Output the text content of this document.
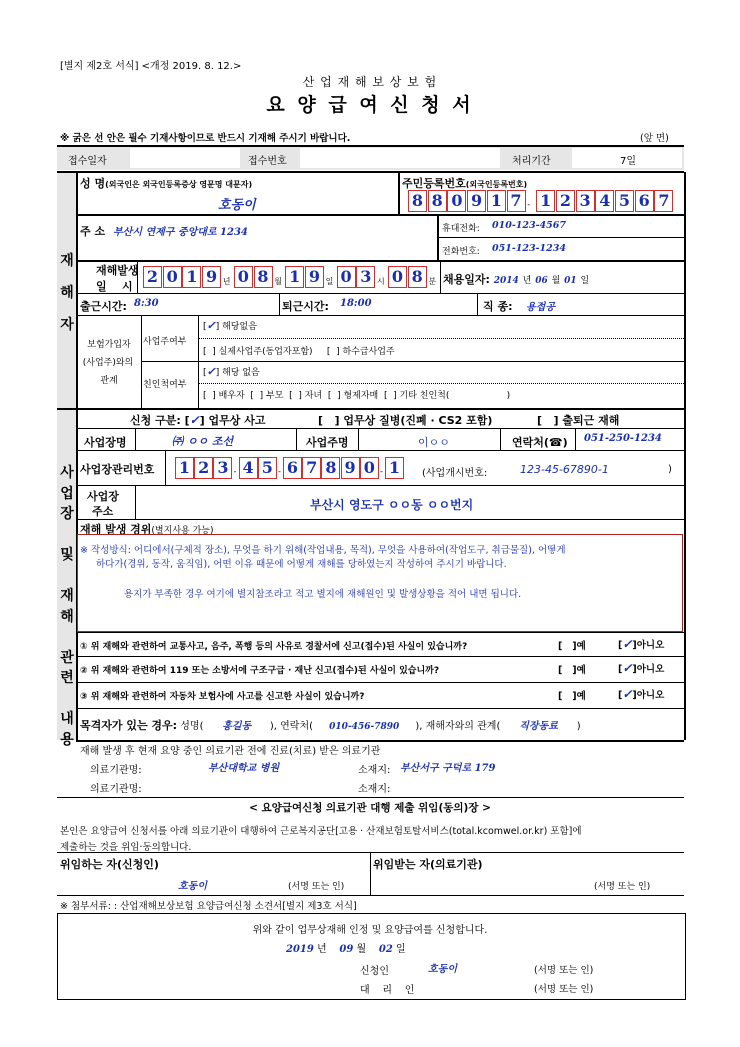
[별지 제2호 서식] <개정 2019. 8. 12.>
산 업 재 해 보 상 보 험
요 양 급 여 신 청 서
※ 굵은 선 안은 필수 기재사항이므로 반드시 기재해 주시기 바랍니다.	(앞 면)
접수일자	접수번호	처리기간	7일
재
해
자
성 명(외국인은 외국인등록증상 영문명 대문자)
호동이
주민등록번호(외국인등록번호)
8 8 0 9 1 7 - 1 2 3 4 5 6 7
주 소 부산시 연제구 중앙대로 1234	휴대전화: 010-123-4567
전화번호: 051-123-1234
재해발생
일    시
2 0 1 9 년 0 8 월 1 9 일 0 3 시 0 8 분 채용일자: 2014 년 06 월 01 일
출근시간: 8:30	퇴근시간: 18:00	직 종: 용접공
보험가입자
(사업주)와의
관계
사업주여부
친인척여부
[✓] 해당없음
[  ] 실제사업주(동업자포함)     [  ] 하수급사업주
[✓] 해당 없음
[  ] 배우자  [  ] 부모  [  ] 자녀  [  ] 형제자매  [  ] 기타 친인척(                    )
사
업
장
및
재
해
관
련
내
용
신청 구분: [✓] 업무상 사고	[   ] 업무상 질병(진폐 · CS2 포함)	[   ] 출퇴근 재해
사업장명	㈜ ㅇㅇ 조선	사업주명	이ㅇㅇ	연락처(☎) 051-250-1234
사업장관리번호 1 2 3 - 4 5 - 6 7 8 9 0 - 1	(사업개시번호:	123-45-67890-1	)
사업장
주소	부산시 영도구 ㅇㅇ동 ㅇㅇ번지
재해 발생 경위(별지사용 가능)
※ 작성방식: 어디에서(구체적 장소), 무엇을 하기 위해(작업내용, 목적), 무엇을 사용하여(작업도구, 취급물질), 어떻게
하다가(경위, 동작, 움직임), 어떤 이유 때문에 어떻게 재해를 당하였는지 작성하여 주시기 바랍니다.
용지가 부족한 경우 여기에 별지참조라고 적고 별지에 재해원인 및 발생상황을 적어 내면 됩니다.
① 위 재해와 관련하여 교통사고, 음주, 폭행 등의 사유로 경찰서에 신고(접수)된 사실이 있습니까?	[   ]예	[✓]아니오
② 위 재해와 관련하여 119 또는 소방서에 구조구급 · 재난 신고(접수)된 사실이 있습니까?	[   ]예	[✓]아니오
③ 위 재해와 관련하여 자동차 보험사에 사고를 신고한 사실이 있습니까?	[   ]예	[✓]아니오
목격자가 있는 경우: 성명( 홍길동 ), 연락처( 010-456-7890 ), 재해자와의 관계( 직장동료 )
재해 발생 후 현재 요양 중인 의료기관 전에 진료(치료) 받은 의료기관
의료기관명:	부산대학교 병원	소재지: 부산서구 구덕로 179
의료기관명:	소재지:
< 요양급여신청 의료기관 대행 제출 위임(동의)장 >
본인은 요양급여 신청서를 아래 의료기관이 대행하여 근로복지공단[고용 · 산재보험토탈서비스(total.kcomwel.or.kr) 포함]에
제출하는 것을 위임·동의합니다.
위임하는 자(신청인)	위임받는 자(의료기관)
호동이	(서명 또는 인)	(서명 또는 인)
※ 첨부서류: : 산업재해보상보험 요양급여신청 소견서[별지 제3호 서식]
위와 같이 업무상재해 인정 및 요양급여를 신청합니다.
2019 년 09 월 02 일
신청인	호동이	(서명 또는 인)
대    리    인	(서명 또는 인)
